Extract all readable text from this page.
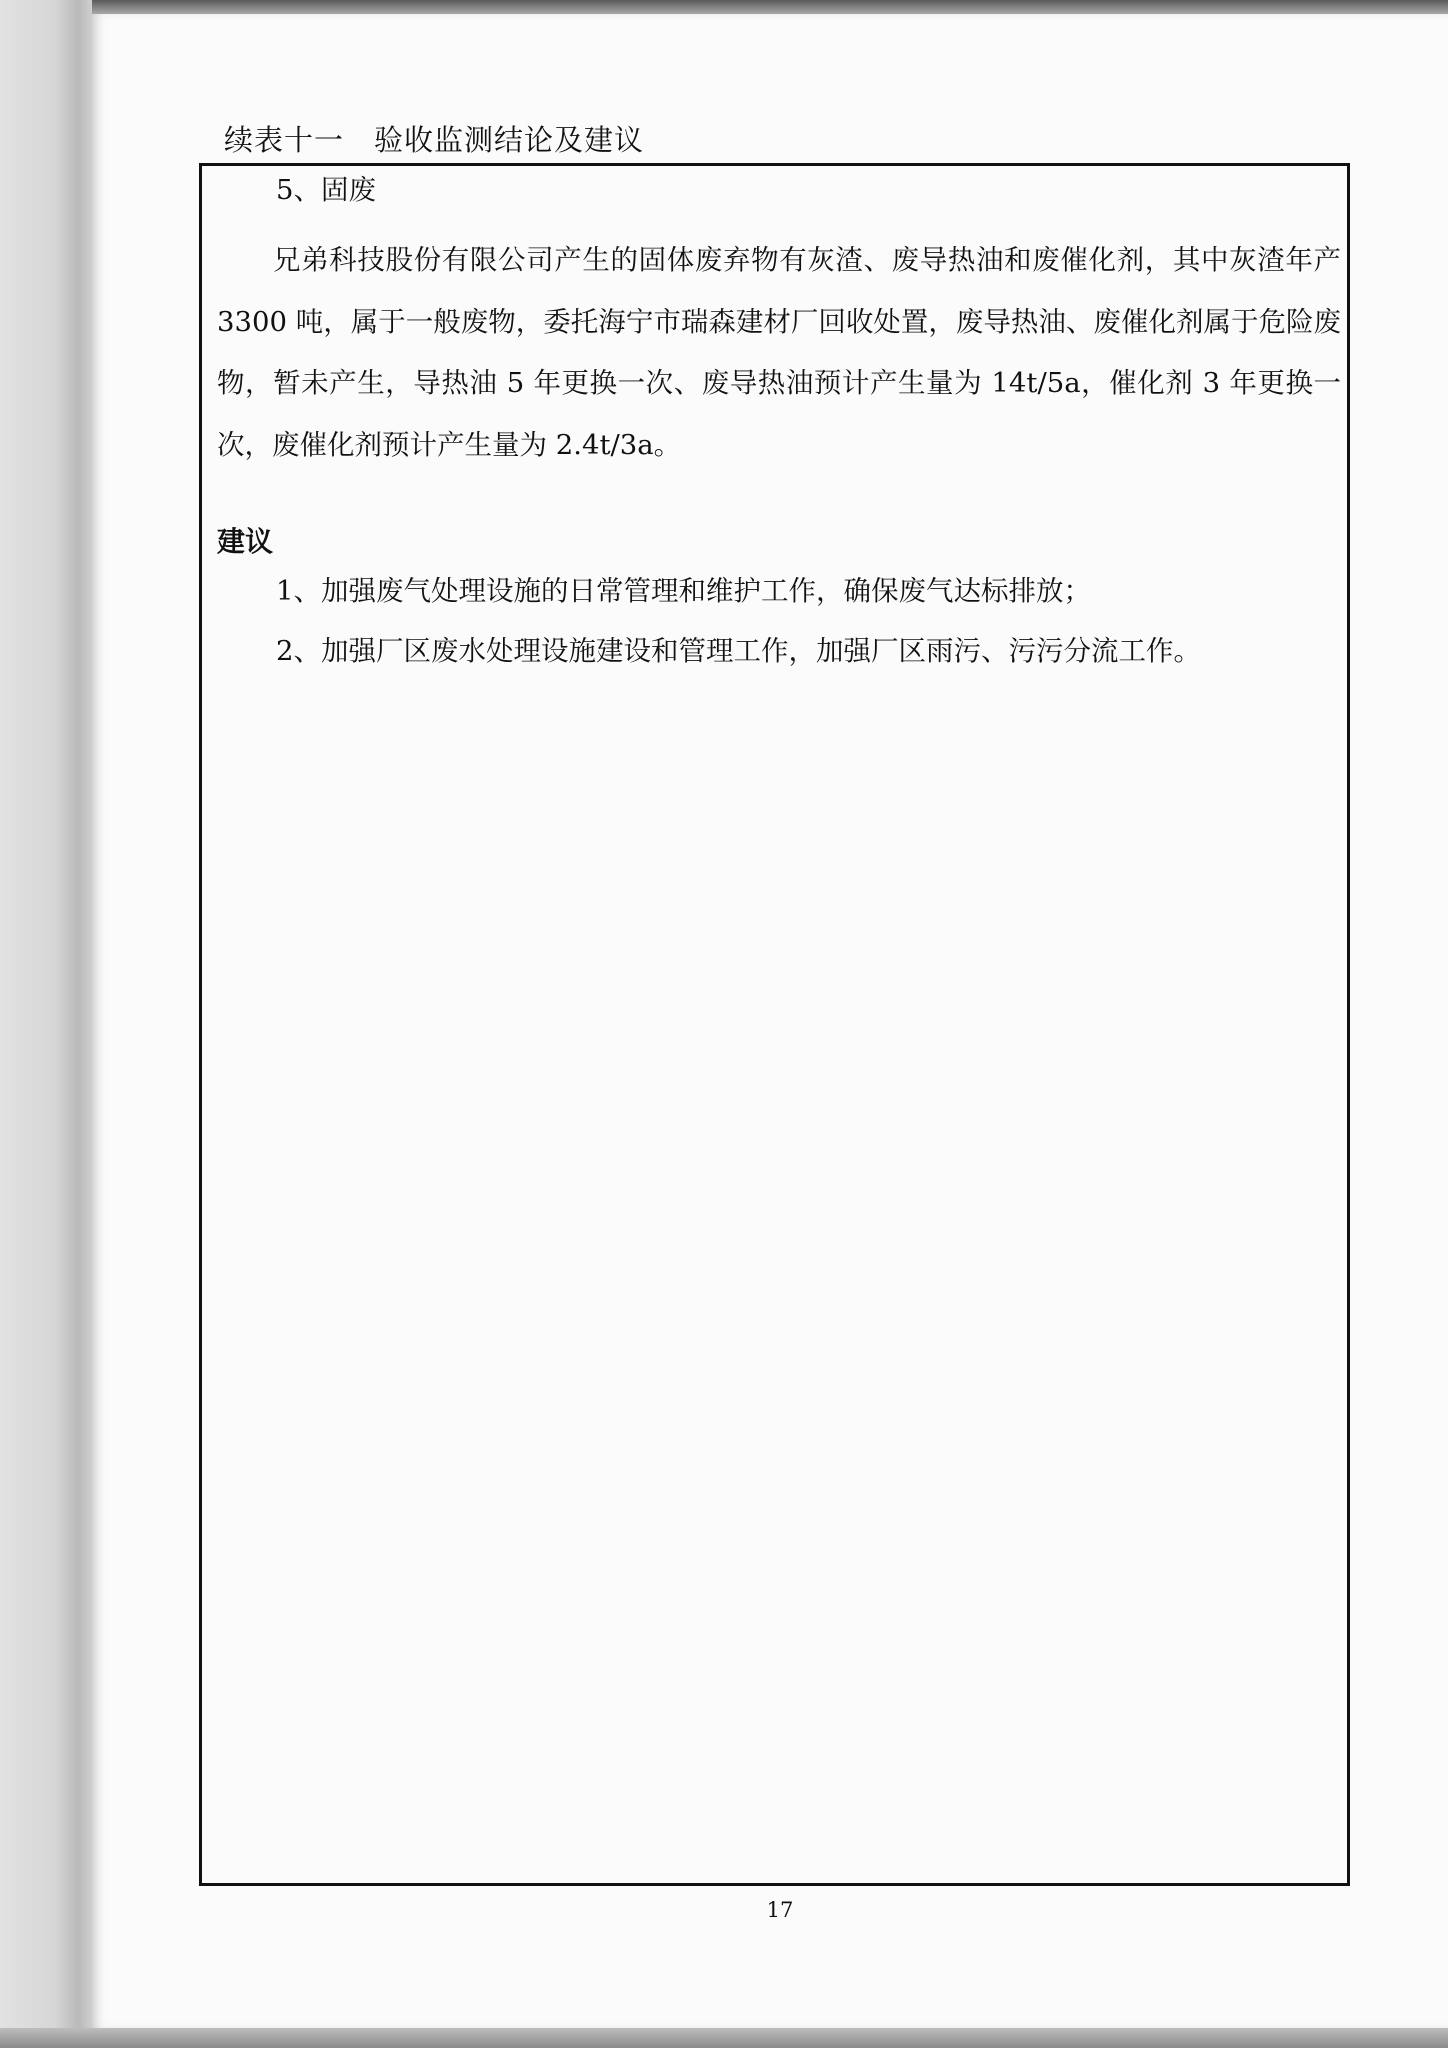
续表十一 验收监测结论及建议
5、固废
兄弟科技股份有限公司产生的固体废弃物有灰渣、废导热油和废催化剂，其中灰渣年产 3300 吨，属于一般废物，委托海宁市瑞森建材厂回收处置，废导热油、废催化剂属于危险废物，暂未产生，导热油 5 年更换一次、废导热油预计产生量为 14t/5a，催化剂 3 年更换一次，废催化剂预计产生量为 2.4t/3a。
建议
1、加强废气处理设施的日常管理和维护工作，确保废气达标排放；
2、加强厂区废水处理设施建设和管理工作，加强厂区雨污、污污分流工作。
17
